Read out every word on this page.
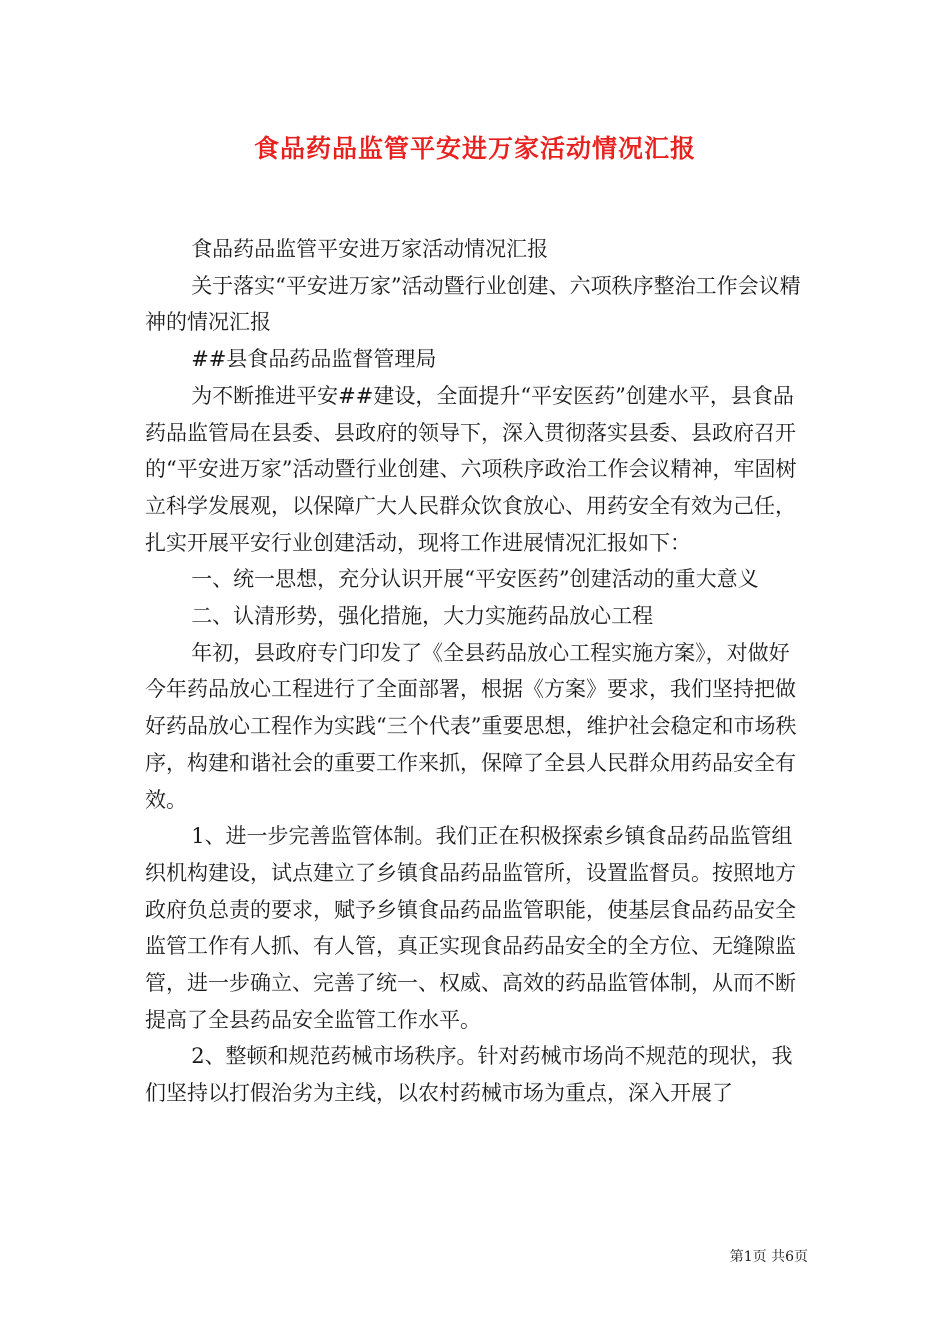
食品药品监管平安进万家活动情况汇报

食品药品监管平安进万家活动情况汇报

关于落实“平安进万家”活动暨行业创建、六项秩序整治工作会议精神的情况汇报

##县食品药品监督管理局

为不断推进平安##建设，全面提升“平安医药”创建水平，县食品药品监管局在县委、县政府的领导下，深入贯彻落实县委、县政府召开的“平安进万家”活动暨行业创建、六项秩序政治工作会议精神，牢固树立科学发展观，以保障广大人民群众饮食放心、用药安全有效为己任，扎实开展平安行业创建活动，现将工作进展情况汇报如下：

一、统一思想，充分认识开展“平安医药”创建活动的重大意义

二、认清形势，强化措施，大力实施药品放心工程

年初，县政府专门印发了《全县药品放心工程实施方案》，对做好今年药品放心工程进行了全面部署，根据《方案》要求，我们坚持把做好药品放心工程作为实践“三个代表”重要思想，维护社会稳定和市场秩序，构建和谐社会的重要工作来抓，保障了全县人民群众用药品安全有效。

1、进一步完善监管体制。我们正在积极探索乡镇食品药品监管组织机构建设，试点建立了乡镇食品药品监管所，设置监督员。按照地方政府负总责的要求，赋予乡镇食品药品监管职能，使基层食品药品安全监管工作有人抓、有人管，真正实现食品药品安全的全方位、无缝隙监管，进一步确立、完善了统一、权威、高效的药品监管体制，从而不断提高了全县药品安全监管工作水平。

2、整顿和规范药械市场秩序。针对药械市场尚不规范的现状，我们坚持以打假治劣为主线，以农村药械市场为重点，深入开展了

第1页 共6页
